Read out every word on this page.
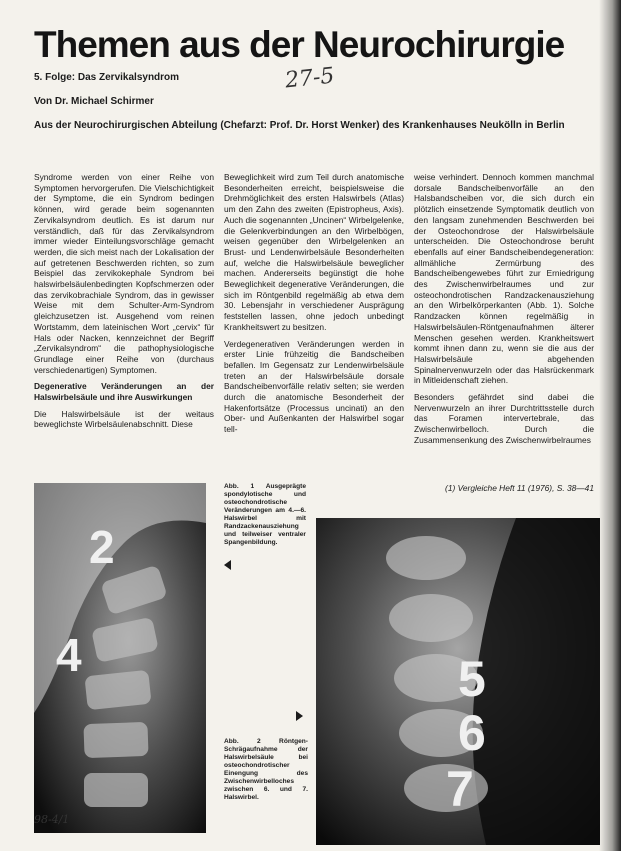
Themen aus der Neurochirurgie
5. Folge: Das Zervikalsyndrom	27-5
Von Dr. Michael Schirmer
Aus der Neurochirurgischen Abteilung (Chefarzt: Prof. Dr. Horst Wenker) des Krankenhauses Neukölln in Berlin

Syndrome werden von einer Reihe von Symptomen hervorgerufen. Die Vielschichtigkeit der Symptome, die ein Syndrom bedingen können, wird gerade beim sogenannten Zervikalsyndrom deutlich. Es ist darum nur verständlich, daß für das Zervikalsyndrom immer wieder Einteilungsvorschläge gemacht werden, die sich meist nach der Lokalisation der auf getretenen Beschwerden richten, so zum Beispiel das zervikokephale Syndrom bei halswirbelsäulenbedingten Kopfschmerzen oder das zervikobrachiale Syndrom, das in gewisser Weise mit dem Schulter-Arm-Syndrom gleichzusetzen ist. Ausgehend vom reinen Wortstamm, dem lateinischen Wort „cervix“ für Hals oder Nacken, kennzeichnet der Begriff „Zervikalsyndrom“ die pathophysiologische Grundlage einer Reihe von (durchaus verschiedenartigen) Symptomen.

Degenerative Veränderungen an der Halswirbelsäule und ihre Auswirkungen

Die Halswirbelsäule ist der weitaus beweglichste Wirbelsäulenabschnitt. Diese

Beweglichkeit wird zum Teil durch anatomische Besonderheiten erreicht, beispielsweise die Drehmöglichkeit des ersten Halswirbels (Atlas) um den Zahn des zweiten (Epistropheus, Axis). Auch die sogenannten „Uncinen“ Wirbelgelenke, die Gelenkverbindungen an den Wirbelbögen, weisen gegenüber den Wirbelgelenken an Brust- und Lendenwirbelsäule Besonderheiten auf, welche die Halswirbelsäule beweglicher machen. Andererseits begünstigt die hohe Beweglichkeit degenerative Veränderungen, die sich im Röntgenbild regelmäßig ab etwa dem 30. Lebensjahr in verschiedener Ausprägung feststellen lassen, ohne jedoch unbedingt Krankheitswert zu besitzen.

Verdegenerativen Veränderungen werden in erster Linie frühzeitig die Bandscheiben befallen. Im Gegensatz zur Lendenwirbelsäule treten an der Halswirbelsäule dorsale Bandscheibenvorfälle relativ selten; sie werden durch die anatomische Besonderheit der Hakenfortsätze (Processus uncinati) an den Ober- und Außenkanten der Halswirbel sogar tell-

weise verhindert. Dennoch kommen manchmal dorsale Bandscheibenvorfälle an den Halsbandscheiben vor, die sich durch ein plötzlich einsetzende Symptomatik deutlich von den langsam zunehmenden Beschwerden bei der Osteochondrose der Halswirbelsäule unterscheiden. Die Osteochondrose beruht ebenfalls auf einer Bandscheibendegeneration: allmähliche Zermürbung des Bandscheibengewebes führt zur Erniedrigung des Zwischenwirbelraumes und zur osteochondrotischen Randzackenausziehung an den Wirbelkörperkanten (Abb. 1). Solche Randzacken können regelmäßig in Halswirbelsäulen-Röntgenaufnahmen älterer Menschen gesehen werden. Krankheitswert kommt ihnen dann zu, wenn sie die aus der Halswirbelsäule abgehenden Spinalnervenwurzeln oder das Halsrückenmark in Mitleidenschaft ziehen.

Besonders gefährdet sind dabei die Nervenwurzeln an ihrer Durchtrittsstelle durch das Foramen intervertebrale, das Zwischenwirbelloch. Durch die Zusammensenkung des Zwischenwirbelraumes

(1) Vergleiche Heft 11 (1976), S. 38—41
2
4
Abb. 1 Ausgeprägte spondylotische und osteochondrotische Veränderungen am 4.—6. Halswirbel mit Randzackenausziehung und teilweiser ventraler Spangenbildung.
5
6
7
Abb. 2 Röntgen-Schrägaufnahme der Halswirbelsäule bei osteochondrotischer Einengung des Zwischenwirbelloches zwischen 6. und 7. Halswirbel.
98-4/1
